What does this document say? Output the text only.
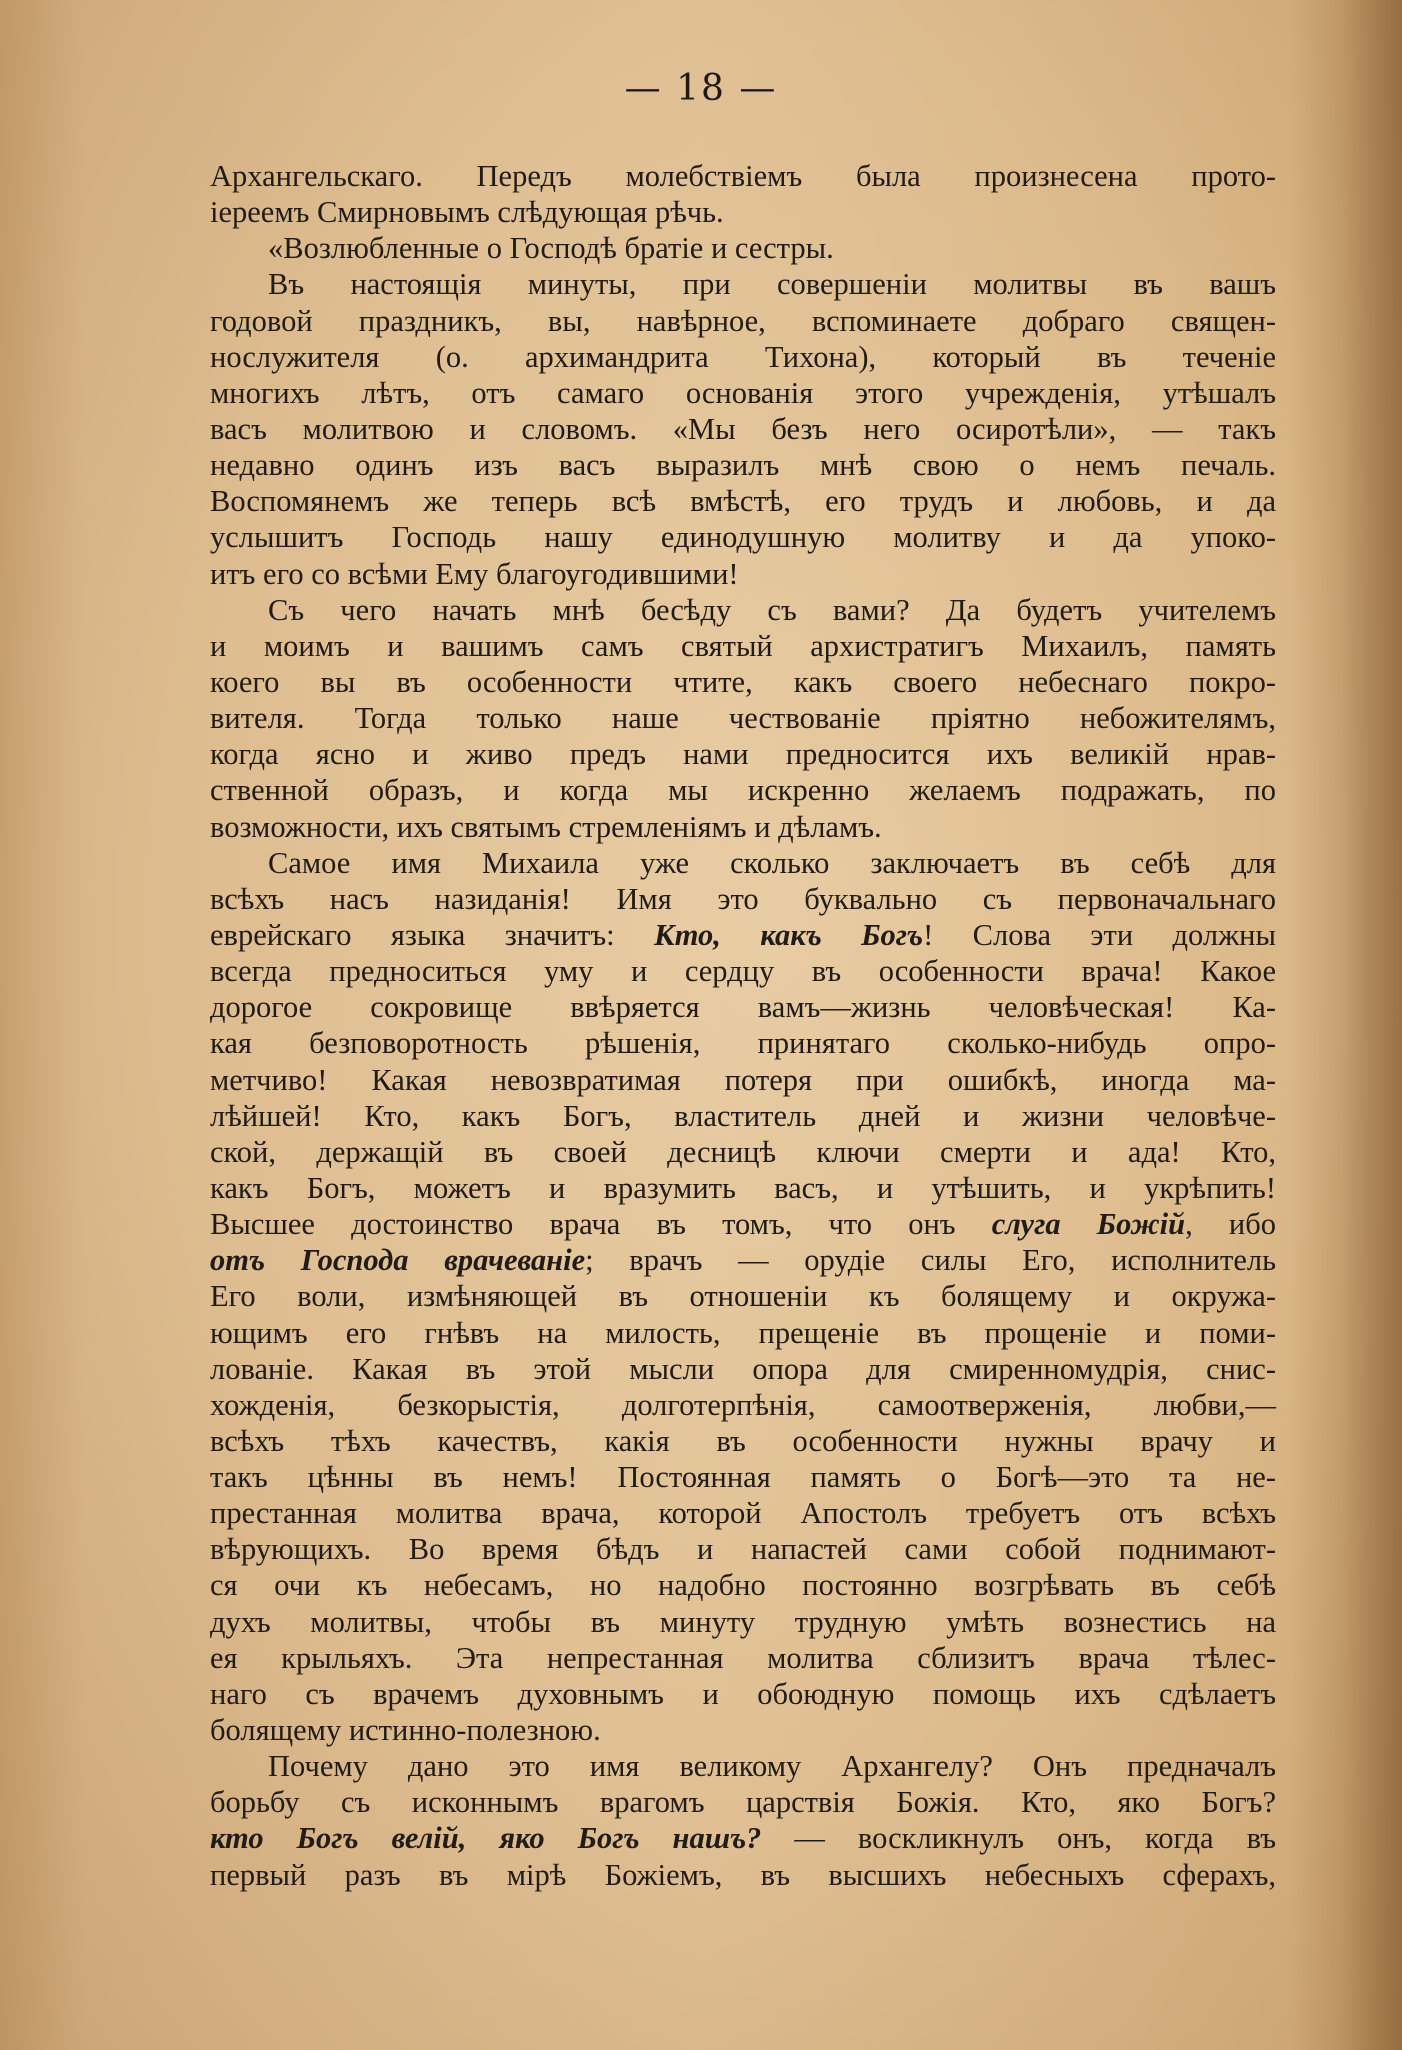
— 18 —
Архангельскаго. Передъ молебствіемъ была произнесена прото-
іереемъ Смирновымъ слѣдующая рѣчь.
«Возлюбленные о Господѣ братіе и сестры.
Въ настоящія минуты, при совершеніи молитвы въ вашъ
годовой праздникъ, вы, навѣрное, вспоминаете добраго священ-
нослужителя (о. архимандрита Тихона), который въ теченіе
многихъ лѣтъ, отъ самаго основанія этого учрежденія, утѣшалъ
васъ молитвою и словомъ. «Мы безъ него осиротѣли», — такъ
недавно одинъ изъ васъ выразилъ мнѣ свою о немъ печаль.
Воспомянемъ же теперь всѣ вмѣстѣ, его трудъ и любовь, и да
услышитъ Господь нашу единодушную молитву и да упоко-
итъ его со всѣми Ему благоугодившими!
Съ чего начать мнѣ бесѣду съ вами? Да будетъ учителемъ
и моимъ и вашимъ самъ святый архистратигъ Михаилъ, память
коего вы въ особенности чтите, какъ своего небеснаго покро-
вителя. Тогда только наше чествованіе пріятно небожителямъ,
когда ясно и живо предъ нами предносится ихъ великій нрав-
ственной образъ, и когда мы искренно желаемъ подражать, по
возможности, ихъ святымъ стремленіямъ и дѣламъ.
Самое имя Михаила уже сколько заключаетъ въ себѣ для
всѣхъ насъ назиданія! Имя это буквально съ первоначальнаго
еврейскаго языка значитъ: Кто, какъ Богъ! Слова эти должны
всегда предноситься уму и сердцу въ особенности врача! Какое
дорогое сокровище ввѣряется вамъ—жизнь человѣческая! Ка-
кая безповоротность рѣшенія, принятаго сколько-нибудь опро-
метчиво! Какая невозвратимая потеря при ошибкѣ, иногда ма-
лѣйшей! Кто, какъ Богъ, властитель дней и жизни человѣче-
ской, держащій въ своей десницѣ ключи смерти и ада! Кто,
какъ Богъ, можетъ и вразумить васъ, и утѣшить, и укрѣпить!
Высшее достоинство врача въ томъ, что онъ слуга Божій, ибо
отъ Господа врачеваніе; врачъ — орудіе силы Его, исполнитель
Его воли, измѣняющей въ отношеніи къ болящему и окружа-
ющимъ его гнѣвъ на милость, прещеніе въ прощеніе и поми-
лованіе. Какая въ этой мысли опора для смиренномудрія, снис-
хожденія, безкорыстія, долготерпѣнія, самоотверженія, любви,—
всѣхъ тѣхъ качествъ, какія въ особенности нужны врачу и
такъ цѣнны въ немъ! Постоянная память о Богѣ—это та не-
престанная молитва врача, которой Апостолъ требуетъ отъ всѣхъ
вѣрующихъ. Во время бѣдъ и напастей сами собой поднимают-
ся очи къ небесамъ, но надобно постоянно возгрѣвать въ себѣ
духъ молитвы, чтобы въ минуту трудную умѣть вознестись на
ея крыльяхъ. Эта непрестанная молитва сблизитъ врача тѣлес-
наго съ врачемъ духовнымъ и обоюдную помощь ихъ сдѣлаетъ
болящему истинно-полезною.
Почему дано это имя великому Архангелу? Онъ предначалъ
борьбу съ исконнымъ врагомъ царствія Божія. Кто, яко Богъ?
кто Богъ велій, яко Богъ нашъ? — воскликнулъ онъ, когда въ
первый разъ въ мірѣ Божіемъ, въ высшихъ небесныхъ сферахъ,
